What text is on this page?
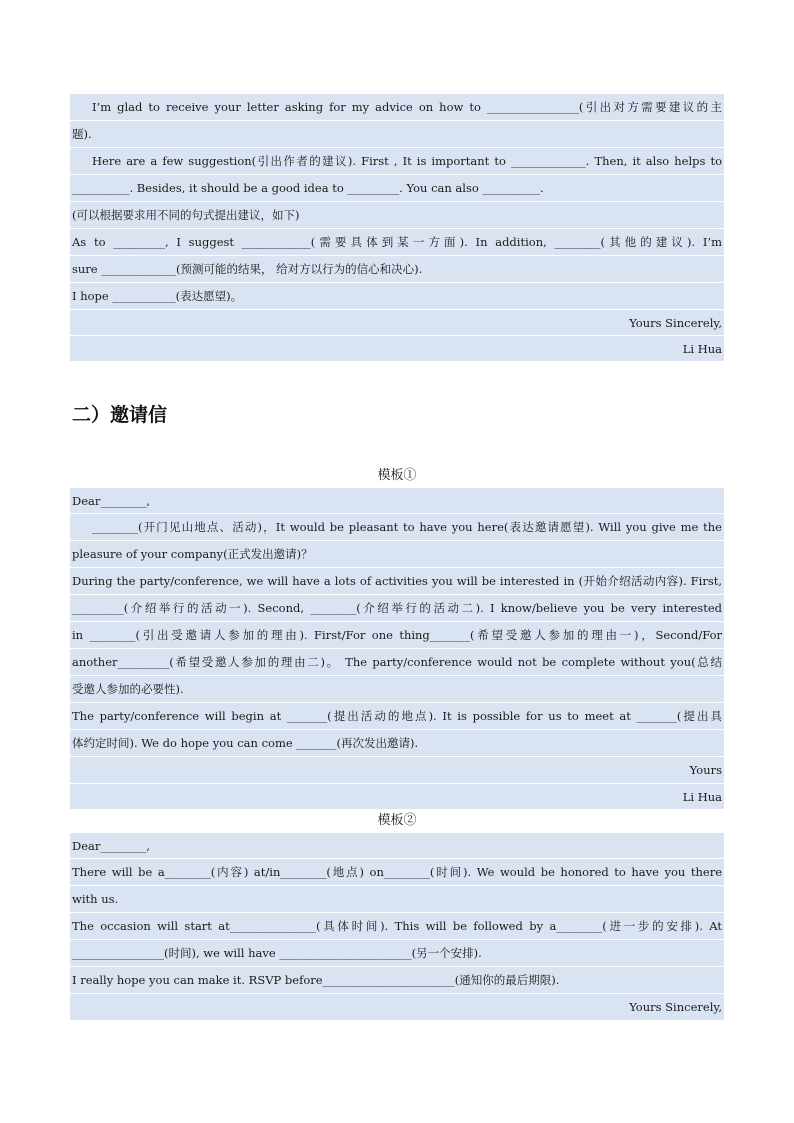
I’m glad to receive your letter asking for my advice on how to ________________(引出对方需要建议的主
题).
Here are a few suggestion(引出作者的建议). First , It is important to _____________. Then, it also helps to
__________. Besides, it should be a good idea to _________. You can also __________.
(可以根据要求用不同的句式提出建议，如下)
As to _________, I suggest ____________(需要具体到某一方面). In addition, ________(其他的建议). I’m
sure _____________(预测可能的结果， 给对方以行为的信心和决心).
I hope ___________(表达愿望)。
Yours Sincerely,
Li Hua
二）邀请信
模板①
Dear________,
________(开门见山地点、活动)，It would be pleasant to have you here(表达邀请愿望). Will you give me the
pleasure of your company(正式发出邀请)？
During the party/conference, we will have a lots of activities you will be interested in (开始介绍活动内容). First,
_________(介绍举行的活动一). Second, ________(介绍举行的活动二). I know/believe you be very interested
in ________(引出受邀请人参加的理由). First/For one thing_______(希望受邀人参加的理由一)，Second/For
another_________(希望受邀人参加的理由二)。 The party/conference would not be complete without you(总结
受邀人参加的必要性).
The party/conference will begin at _______(提出活动的地点). It is possible for us to meet at _______(提出具
体约定时间). We do hope you can come _______(再次发出邀请).
Yours
Li Hua
模板②
Dear________,
There will be a________(内容) at/in________(地点) on________(时间). We would be honored to have you there
with us.
The occasion will start at_______________(具体时间). This will be followed by a________(进一步的安排). At
________________(时间), we will have _______________________(另一个安排).
I really hope you can make it. RSVP before_______________________(通知你的最后期限).
Yours Sincerely,
